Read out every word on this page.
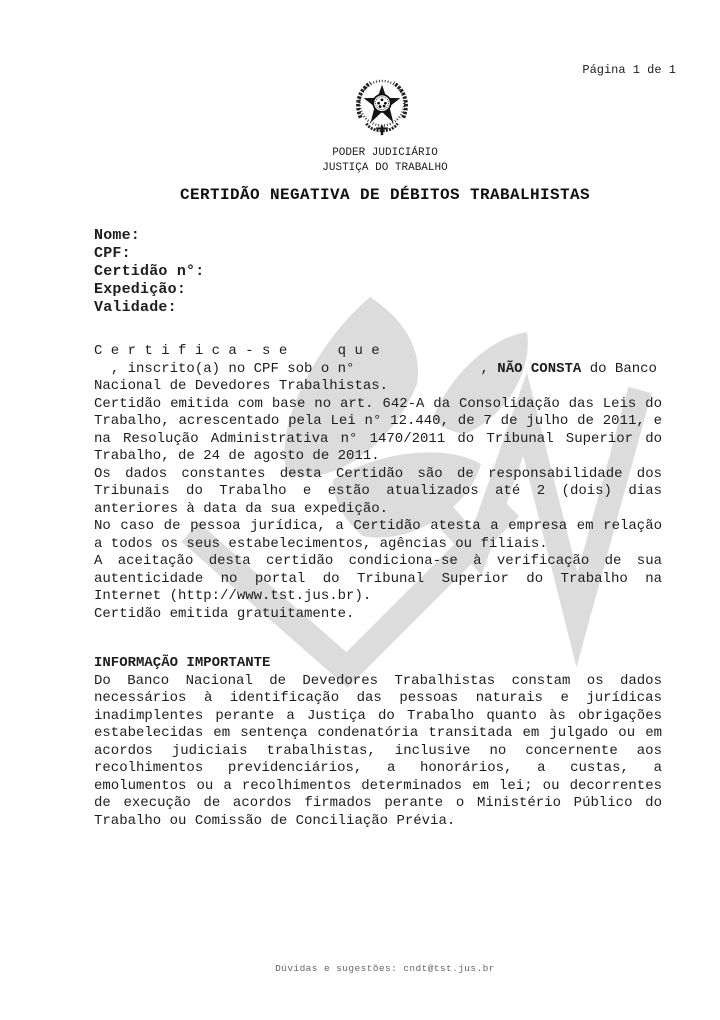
Página 1 de 1
PODER JUDICIÁRIO
JUSTIÇA DO TRABALHO
CERTIDÃO NEGATIVA DE DÉBITOS TRABALHISTAS
Nome:
CPF:
Certidão n°:
Expedição:
Validade:

C e r t i f i c a - s e      q u e
, inscrito(a) no CPF sob o n°	, NÃO CONSTA do Banco
Nacional de Devedores Trabalhistas.

Certidão emitida com base no art. 642-A da Consolidação das Leis do Trabalho, acrescentado pela Lei n° 12.440, de 7 de julho de 2011, e na Resolução Administrativa n° 1470/2011 do Tribunal Superior do Trabalho, de 24 de agosto de 2011.

Os dados constantes desta Certidão são de responsabilidade dos Tribunais do Trabalho e estão atualizados até 2 (dois) dias anteriores à data da sua expedição.

No caso de pessoa jurídica, a Certidão atesta a empresa em relação a todos os seus estabelecimentos, agências ou filiais.

A aceitação desta certidão condiciona-se à verificação de sua autenticidade no portal do Tribunal Superior do Trabalho na Internet (http://www.tst.jus.br).

Certidão emitida gratuitamente.

INFORMAÇÃO IMPORTANTE

Do Banco Nacional de Devedores Trabalhistas constam os dados necessários à identificação das pessoas naturais e jurídicas inadimplentes perante a Justiça do Trabalho quanto às obrigações estabelecidas em sentença condenatória transitada em julgado ou em acordos judiciais trabalhistas, inclusive no concernente aos recolhimentos previdenciários, a honorários, a custas, a emolumentos ou a recolhimentos determinados em lei; ou decorrentes de execução de acordos firmados perante o Ministério Público do Trabalho ou Comissão de Conciliação Prévia.

Dúvidas e sugestões: cndt@tst.jus.br
